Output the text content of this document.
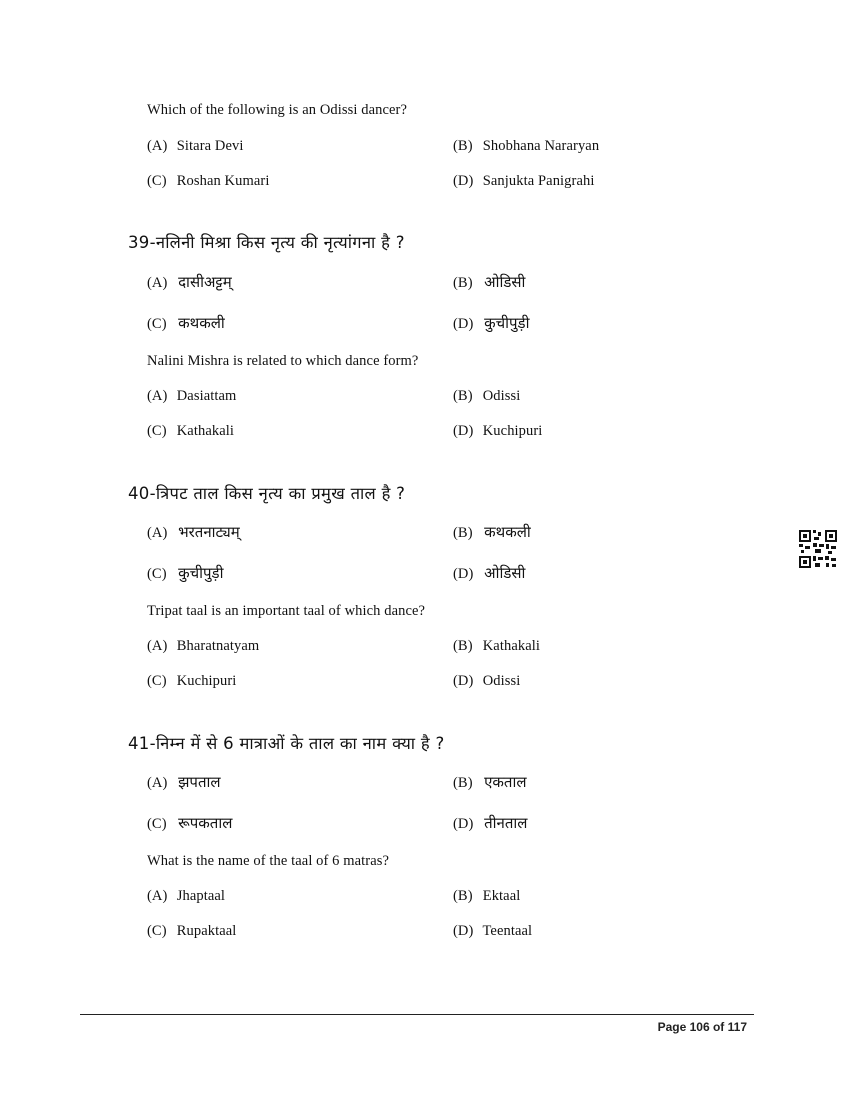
Which of the following is an Odissi dancer?
(A) Sitara Devi	(B) Shobhana Nararyan
(C) Roshan Kumari	(D) Sanjukta Panigrahi
39-नलिनी मिश्रा किस नृत्य की नृत्यांगना है ?
(A) दासीअट्टम्	(B) ओडिसी
(C) कथकली	(D) कुचीपुड़ी
Nalini Mishra is related to which dance form?
(A) Dasiattam	(B) Odissi
(C) Kathakali	(D) Kuchipuri
40-त्रिपट ताल किस नृत्य का प्रमुख ताल है ?
(A) भरतनाट्यम्	(B) कथकली
(C) कुचीपुड़ी	(D) ओडिसी
Tripat taal is an important taal of which dance?
(A) Bharatnatyam	(B) Kathakali
(C) Kuchipuri	(D) Odissi
41-निम्न में से 6 मात्राओं के ताल का नाम क्या है ?
(A) झपताल	(B) एकताल
(C) रूपकताल	(D) तीनताल
What is the name of the taal of 6 matras?
(A) Jhaptaal	(B) Ektaal
(C) Rupaktaal	(D) Teentaal
Page 106 of 117
